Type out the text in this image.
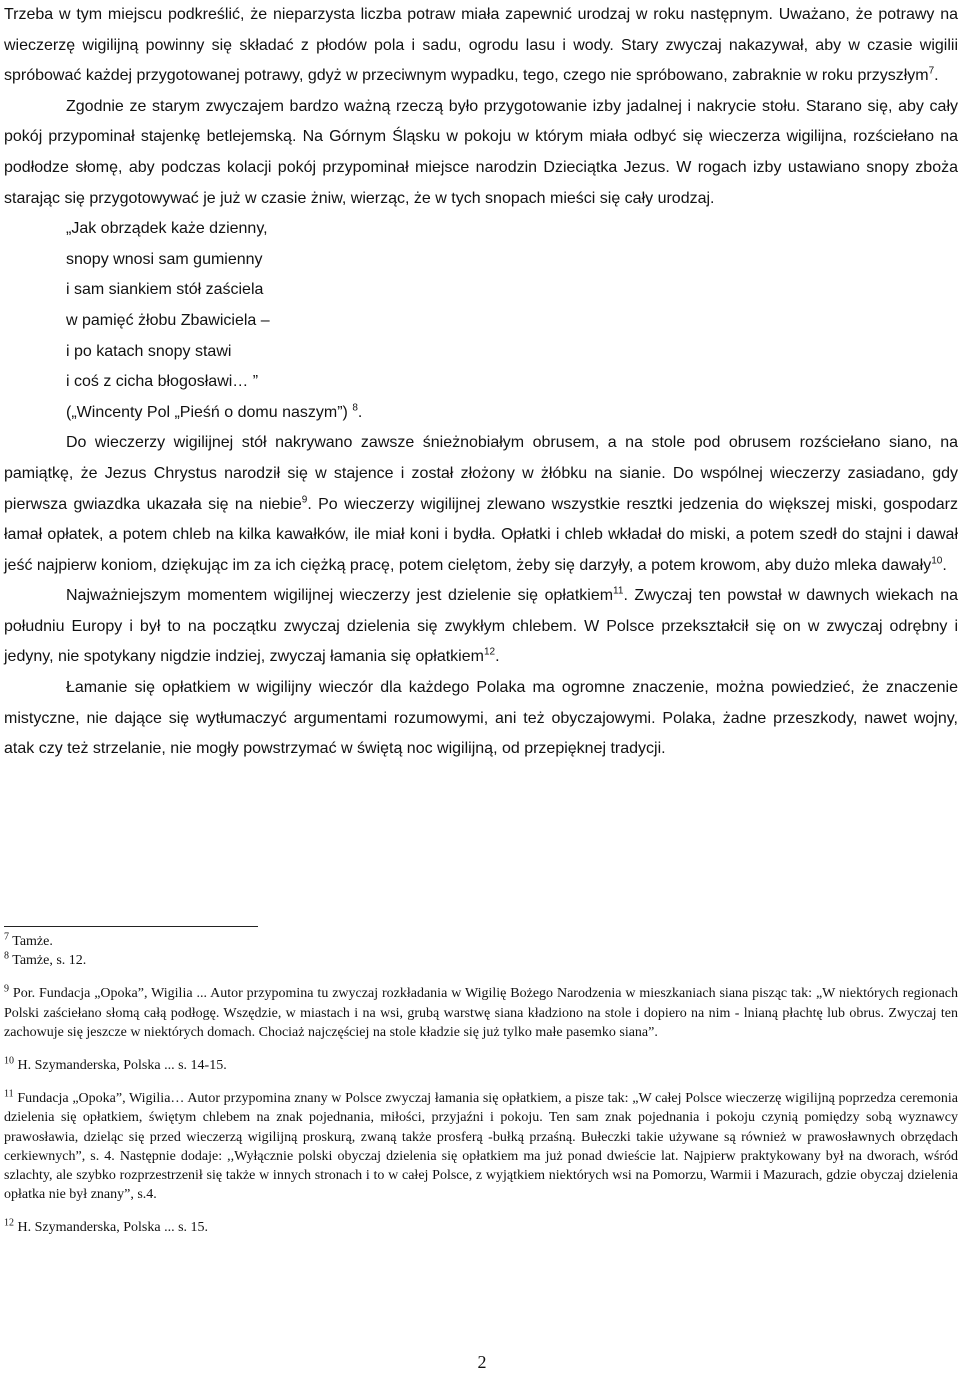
Trzeba w tym miejscu podkreślić, że nieparzysta liczba potraw miała zapewnić urodzaj w roku następnym. Uważano, że potrawy na wieczerzę wigilijną powinny się składać z płodów pola i sadu, ogrodu lasu i wody. Stary zwyczaj nakazywał, aby w czasie wigilii spróbować każdej przygotowanej potrawy, gdyż w przeciwnym wypadku, tego, czego nie spróbowano, zabraknie w roku przyszłym$^7$.

Zgodnie ze starym zwyczajem bardzo ważną rzeczą było przygotowanie izby jadalnej i nakrycie stołu. Starano się, aby cały pokój przypominał stajenkę betlejemską. Na Górnym Śląsku w pokoju w którym miała odbyć się wieczerza wigilijna, rozściełano na podłodze słomę, aby podczas kolacji pokój przypominał miejsce narodzin Dzieciątka Jezus. W rogach izby ustawiano snopy zboża starając się przygotowywać je już w czasie żniw, wierząc, że w tych snopach mieści się cały urodzaj.

„Jak obrządek każe dzienny,
snopy wnosi sam gumienny
i sam siankiem stół zaściela
w pamięć żłobu Zbawiciela –
i po katach snopy stawi
i coś z cicha błogosławi… ”
(„Wincenty Pol „Pieśń o domu naszym”) $^8$.

Do wieczerzy wigilijnej stół nakrywano zawsze śnieżnobiałym obrusem, a na stole pod obrusem rozściełano siano, na pamiątkę, że Jezus Chrystus narodził się w stajence i został złożony w żłóbku na sianie. Do wspólnej wieczerzy zasiadano, gdy pierwsza gwiazdka ukazała się na niebie$^9$. Po wieczerzy wigilijnej zlewano wszystkie resztki jedzenia do większej miski, gospodarz łamał opłatek, a potem chleb na kilka kawałków, ile miał koni i bydła. Opłatki i chleb wkładał do miski, a potem szedł do stajni i dawał jeść najpierw koniom, dziękując im za ich ciężką pracę, potem cielętom, żeby się darzyły, a potem krowom, aby dużo mleka dawały$^{10}$.

Najważniejszym momentem wigilijnej wieczerzy jest dzielenie się opłatkiem$^{11}$. Zwyczaj ten powstał w dawnych wiekach na południu Europy i był to na początku zwyczaj dzielenia się zwykłym chlebem. W Polsce przekształcił się on w zwyczaj odrębny i jedyny, nie spotykany nigdzie indziej, zwyczaj łamania się opłatkiem$^{12}$.

Łamanie się opłatkiem w wigilijny wieczór dla każdego Polaka ma ogromne znaczenie, można powiedzieć, że znaczenie mistyczne, nie dające się wytłumaczyć argumentami rozumowymi, ani też obyczajowymi. Polaka, żadne przeszkody, nawet wojny, atak czy też strzelanie, nie mogły powstrzymać w świętą noc wigilijną, od przepięknej tradycji.

$^7$ Tamże.

$^8$ Tamże, s. 12.

$^9$ Por. Fundacja „Opoka”, Wigilia ... Autor przypomina tu zwyczaj rozkładania w Wigilię Bożego Narodzenia w mieszkaniach siana pisząc tak: „W niektórych regionach Polski zaściełano słomą całą podłogę. Wszędzie, w miastach i na wsi, grubą warstwę siana kładziono na stole i dopiero na nim - lnianą płachtę lub obrus. Zwyczaj ten zachowuje się jeszcze w niektórych domach. Chociaż najczęściej na stole kładzie się już tylko małe pasemko siana”.

$^{10}$ H. Szymanderska, Polska ... s. 14-15.

$^{11}$ Fundacja „Opoka”, Wigilia… Autor przypomina znany w Polsce zwyczaj łamania się opłatkiem, a pisze tak: „W całej Polsce wieczerzę wigilijną poprzedza ceremonia dzielenia się opłatkiem, świętym chlebem na znak pojednania, miłości, przyjaźni i pokoju. Ten sam znak pojednania i pokoju czynią pomiędzy sobą wyznawcy prawosławia, dzieląc się przed wieczerzą wigilijną proskurą, zwaną także prosferą -bułką przaśną. Bułeczki takie używane są również w prawosławnych obrzędach cerkiewnych”, s. 4. Następnie dodaje: ,,Wyłącznie polski obyczaj dzielenia się opłatkiem ma już ponad dwieście lat. Najpierw praktykowany był na dworach, wśród szlachty, ale szybko rozprzestrzenił się także w innych stronach i to w całej Polsce, z wyjątkiem niektórych wsi na Pomorzu, Warmii i Mazurach, gdzie obyczaj dzielenia opłatka nie był znany”, s.4.

$^{12}$ H. Szymanderska, Polska ... s. 15.

2
